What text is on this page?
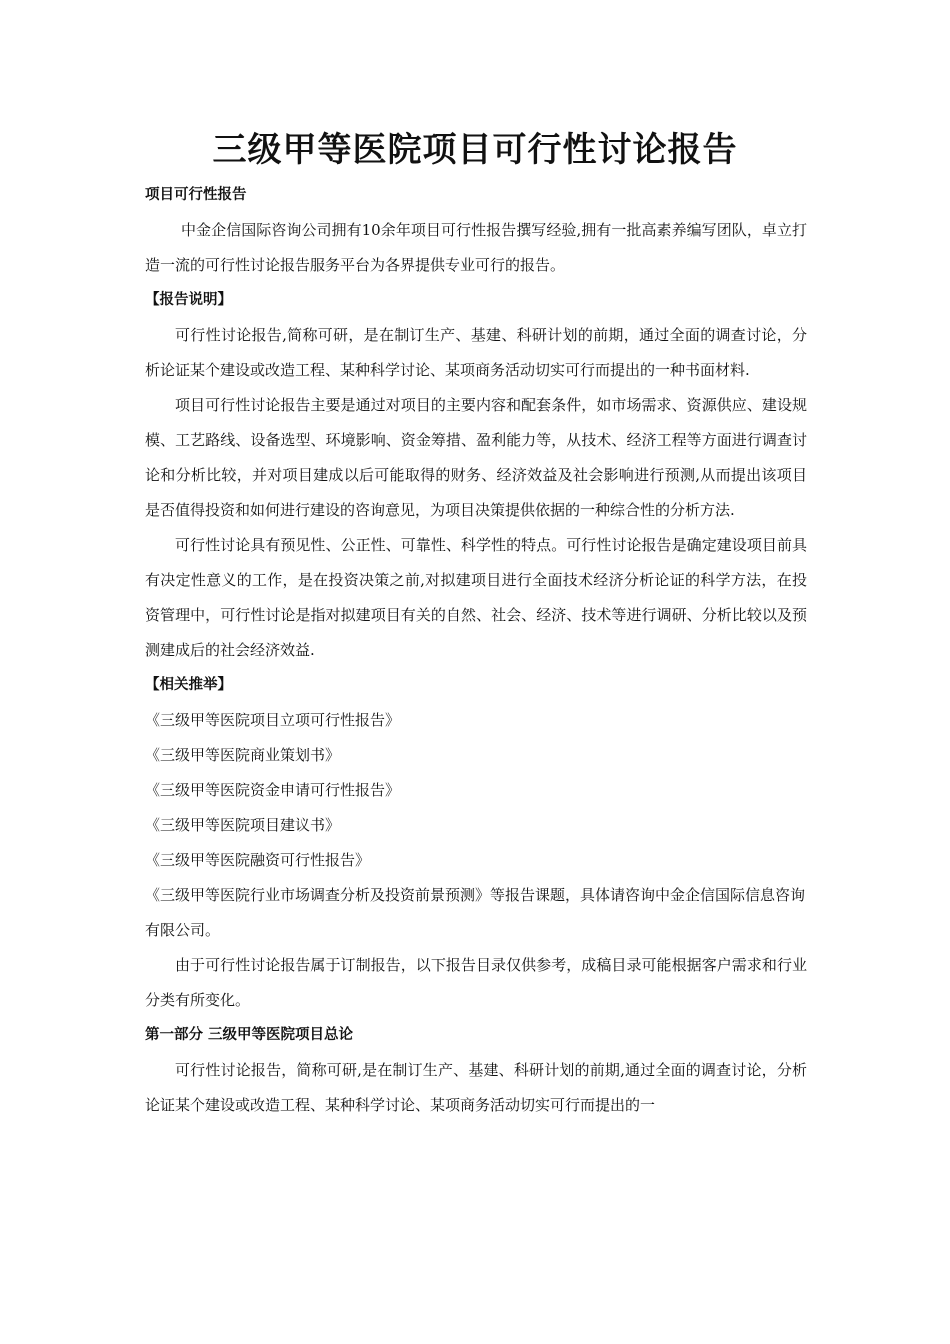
三级甲等医院项目可行性讨论报告

项目可行性报告

中金企信国际咨询公司拥有10余年项目可行性报告撰写经验,拥有一批高素养编写团队，卓立打造一流的可行性讨论报告服务平台为各界提供专业可行的报告。

【报告说明】

可行性讨论报告,简称可研，是在制订生产、基建、科研计划的前期，通过全面的调查讨论，分析论证某个建设或改造工程、某种科学讨论、某项商务活动切实可行而提出的一种书面材料.

项目可行性讨论报告主要是通过对项目的主要内容和配套条件，如市场需求、资源供应、建设规模、工艺路线、设备选型、环境影响、资金筹措、盈利能力等，从技术、经济工程等方面进行调查讨论和分析比较，并对项目建成以后可能取得的财务、经济效益及社会影响进行预测,从而提出该项目是否值得投资和如何进行建设的咨询意见，为项目决策提供依据的一种综合性的分析方法.

可行性讨论具有预见性、公正性、可靠性、科学性的特点。可行性讨论报告是确定建设项目前具有决定性意义的工作，是在投资决策之前,对拟建项目进行全面技术经济分析论证的科学方法，在投资管理中，可行性讨论是指对拟建项目有关的自然、社会、经济、技术等进行调研、分析比较以及预测建成后的社会经济效益.

【相关推举】

《三级甲等医院项目立项可行性报告》

《三级甲等医院商业策划书》

《三级甲等医院资金申请可行性报告》

《三级甲等医院项目建议书》

《三级甲等医院融资可行性报告》

《三级甲等医院行业市场调查分析及投资前景预测》等报告课题，具体请咨询中金企信国际信息咨询有限公司。

由于可行性讨论报告属于订制报告，以下报告目录仅供参考，成稿目录可能根据客户需求和行业分类有所变化。

第一部分 三级甲等医院项目总论

可行性讨论报告，简称可研,是在制订生产、基建、科研计划的前期,通过全面的调查讨论，分析论证某个建设或改造工程、某种科学讨论、某项商务活动切实可行而提出的一
